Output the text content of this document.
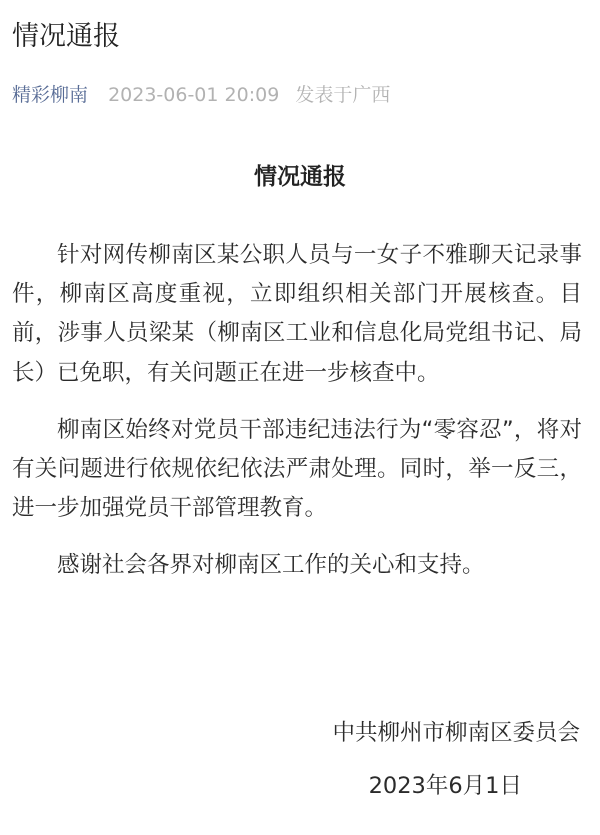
情况通报
精彩柳南 2023-06-01 20:09 发表于广西
情况通报

针对网传柳南区某公职人员与一女子不雅聊天记录事件，柳南区高度重视，立即组织相关部门开展核查。目前，涉事人员梁某（柳南区工业和信息化局党组书记、局长）已免职，有关问题正在进一步核查中。

柳南区始终对党员干部违纪违法行为“零容忍”，将对有关问题进行依规依纪依法严肃处理。同时，举一反三，进一步加强党员干部管理教育。

感谢社会各界对柳南区工作的关心和支持。

中共柳州市柳南区委员会
2023年6月1日
